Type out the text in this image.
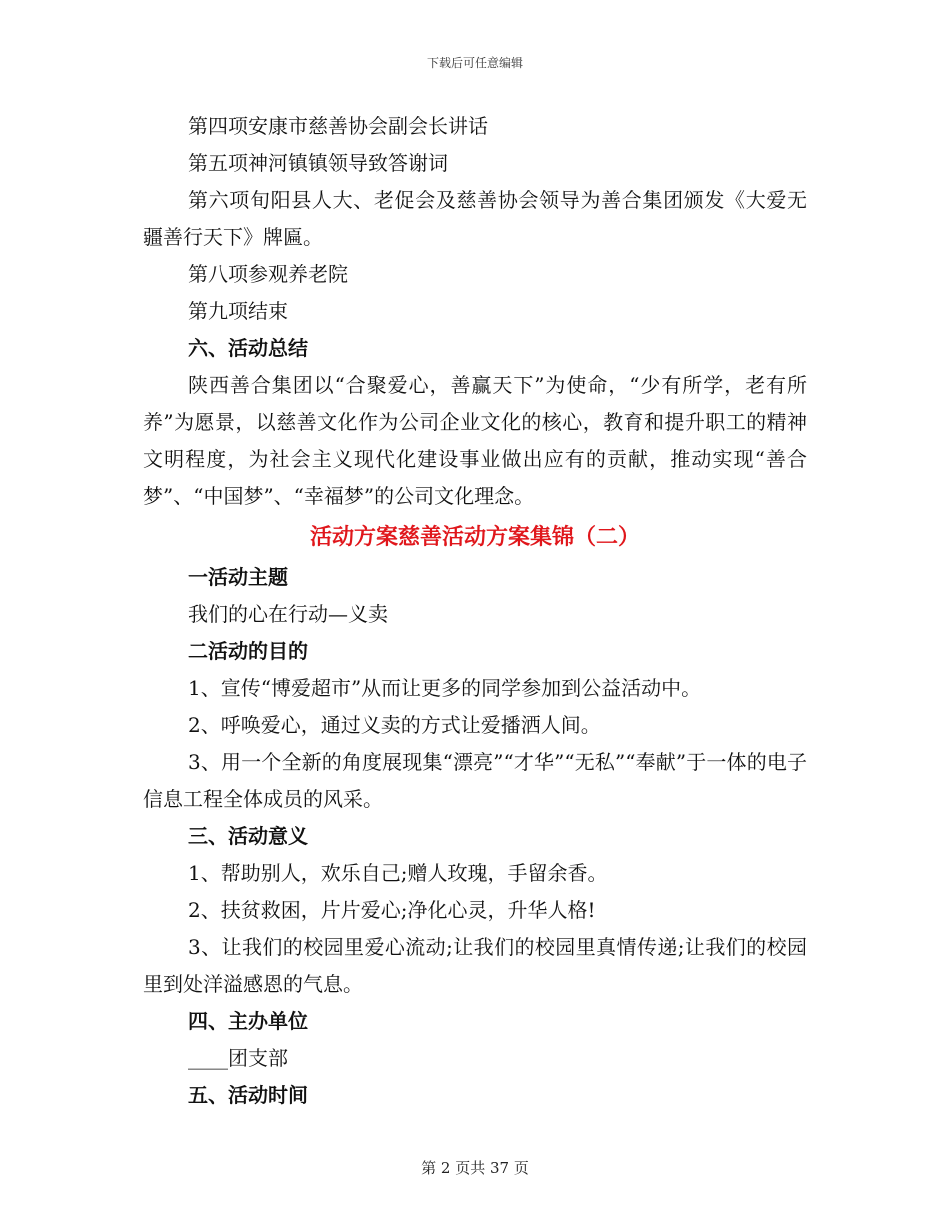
下载后可任意编辑
第四项安康市慈善协会副会长讲话
第五项神河镇镇领导致答谢词
第六项旬阳县人大、老促会及慈善协会领导为善合集团颁发《大爱无疆善行天下》牌匾。
第八项参观养老院
第九项结束
六、活动总结
陕西善合集团以“合聚爱心，善赢天下”为使命，“少有所学，老有所养”为愿景，以慈善文化作为公司企业文化的核心，教育和提升职工的精神文明程度，为社会主义现代化建设事业做出应有的贡献，推动实现“善合梦”、“中国梦”、“幸福梦”的公司文化理念。
活动方案慈善活动方案集锦（二）
一活动主题
我们的心在行动—义卖
二活动的目的
1、宣传“博爱超市”从而让更多的同学参加到公益活动中。
2、呼唤爱心，通过义卖的方式让爱播洒人间。
3、用一个全新的角度展现集“漂亮”“才华”“无私”“奉献”于一体的电子信息工程全体成员的风采。
三、活动意义
1、帮助别人，欢乐自己;赠人玫瑰，手留余香。
2、扶贫救困，片片爱心;净化心灵，升华人格!
3、让我们的校园里爱心流动;让我们的校园里真情传递;让我们的校园里到处洋溢感恩的气息。
四、主办单位
____团支部
五、活动时间
第 2 页共 37 页
